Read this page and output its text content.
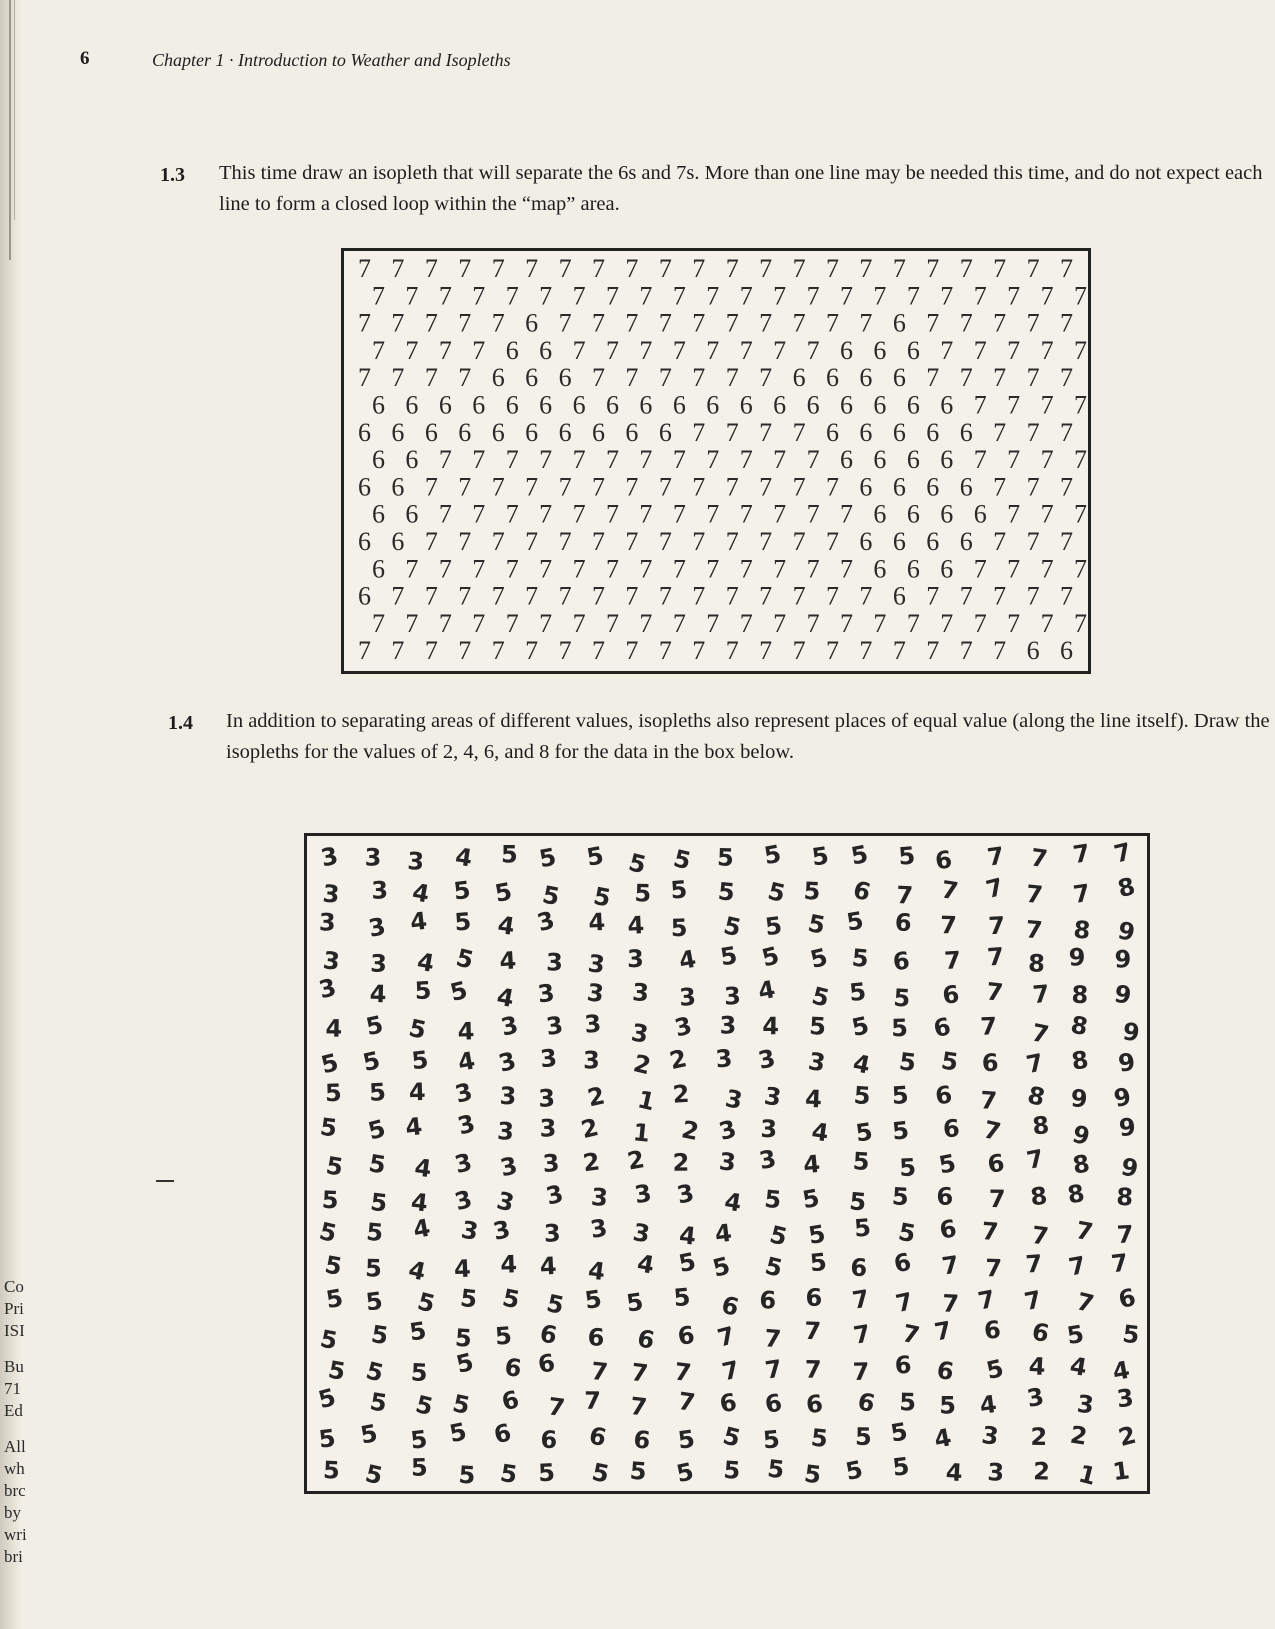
6	Chapter 1 · Introduction to Weather and Isopleths
1.3 This time draw an isopleth that will separate the 6s and 7s. More than one line may be needed this time, and do not expect each line to form a closed loop within the “map” area.

7 7 7 7 7 7 7 7 7 7 7 7 7 7 7 7 7 7 7 7 7 7
7 7 7 7 7 7 7 7 7 7 7 7 7 7 7 7 7 7 7 7 7 7
7 7 7 7 7 6 7 7 7 7 7 7 7 7 7 7 6 7 7 7 7 7
7 7 7 7 6 6 7 7 7 7 7 7 7 7 6 6 6 7 7 7 7 7
7 7 7 7 6 6 6 7 7 7 7 7 7 6 6 6 6 7 7 7 7 7
6 6 6 6 6 6 6 6 6 6 6 6 6 6 6 6 6 6 7 7 7 7
6 6 6 6 6 6 6 6 6 6 7 7 7 7 6 6 6 6 6 7 7 7
6 6 7 7 7 7 7 7 7 7 7 7 7 7 6 6 6 6 7 7 7 7
6 6 7 7 7 7 7 7 7 7 7 7 7 7 7 6 6 6 6 7 7 7
6 6 7 7 7 7 7 7 7 7 7 7 7 7 7 6 6 6 6 7 7 7
6 6 7 7 7 7 7 7 7 7 7 7 7 7 7 6 6 6 6 7 7 7
6 7 7 7 7 7 7 7 7 7 7 7 7 7 7 6 6 6 7 7 7 7
6 7 7 7 7 7 7 7 7 7 7 7 7 7 7 7 6 7 7 7 7 7
7 7 7 7 7 7 7 7 7 7 7 7 7 7 7 7 7 7 7 7 7 7
7 7 7 7 7 7 7 7 7 7 7 7 7 7 7 7 7 7 7 7 6 6
1.4 In addition to separating areas of different values, isopleths also represent places of equal value (along the line itself). Draw the isopleths for the values of 2, 4, 6, and 8 for the data in the box below.

3 3 3 4 5 5 5 5 5 5 5 5 5 5 6 7 7 7 7
3 3 4 5 5 5 5 5 5 5 5 5 6 7 7 7 7 7 8
3 3 4 5 4 3 4 4 5 5 5 5 5 6 7 7 7 8 9
3 3 4 5 4 3 3 3 4 5 5 5 5 6 7 7 8 9 9
3 4 5 5 4 3 3 3 3 3 4 5 5 5 6 7 7 8 9
4 5 5 4 3 3 3 3 3 3 4 5 5 5 6 7 7 8 9
5 5 5 4 3 3 3 2 2 3 3 3 4 5 5 6 7 8 9
5 5 4 3 3 3 2 1 2 3 3 4 5 5 6 7 8 9 9
5 5 4 3 3 3 2 1 2 3 3 4 5 5 6 7 8 9 9
5 5 4 3 3 3 2 2 2 3 3 4 5 5 5 6 7 8 9
5 5 4 3 3 3 3 3 3 4 5 5 5 5 6 7 8 8 8
5 5 4 3 3 3 3 3 4 4 5 5 5 5 6 7 7 7 7
5 5 4 4 4 4 4 4 5 5 5 5 6 6 7 7 7 7 7
5 5 5 5 5 5 5 5 5 6 6 6 7 7 7 7 7 7 6
5 5 5 5 5 6 6 6 6 7 7 7 7 7 7 6 6 5 5
5 5 5 5 6 6 7 7 7 7 7 7 7 6 6 5 4 4 4
5 5 5 5 6 7 7 7 7 6 6 6 6 5 5 4 3 3 3
5 5 5 5 6 6 6 6 5 5 5 5 5 5 4 3 2 2 2
5 5 5 5 5 5 5 5 5 5 5 5 5 5 4 3 2 1 1
Co
Pri
ISI
Bu
71
Ed
All
wh
brc
by
wri
bri
